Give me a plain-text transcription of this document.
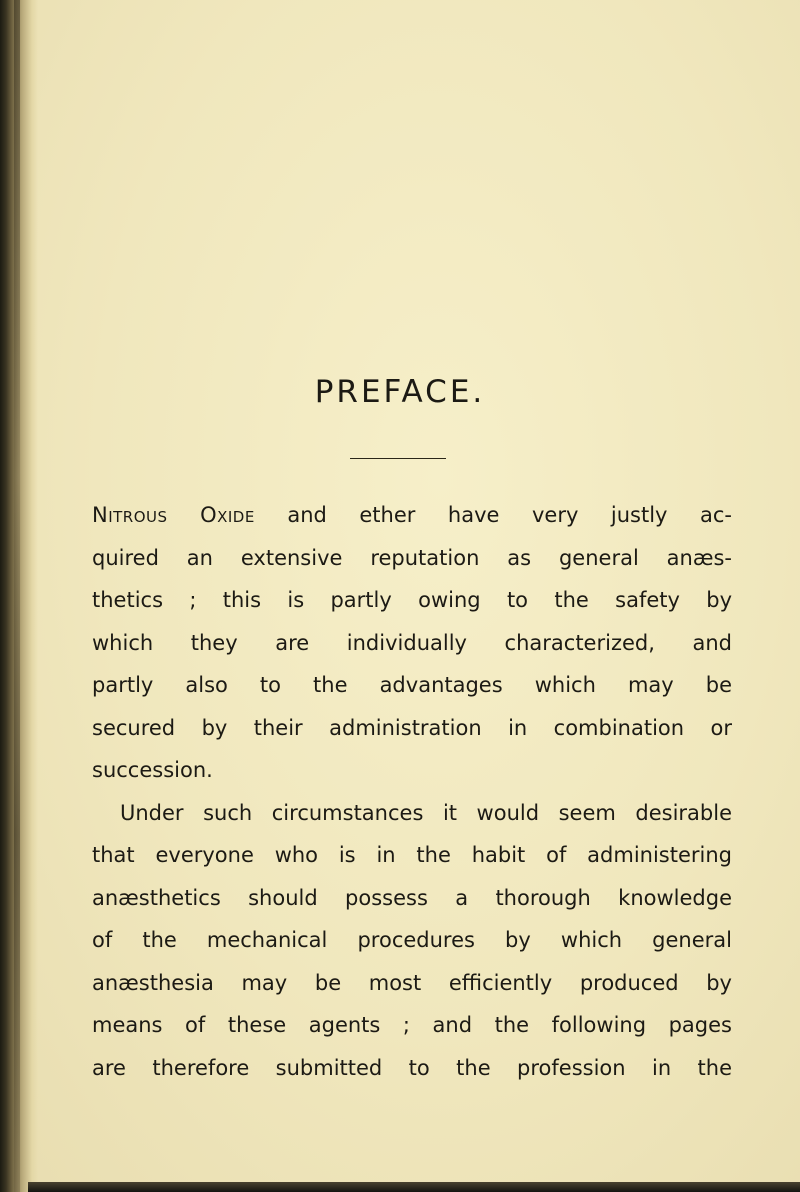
PREFACE.
Nitrous Oxide and ether have very justly ac-
quired an extensive reputation as general anæs-
thetics ; this is partly owing to the safety by
which they are individually characterized, and
partly also to the advantages which may be
secured by their administration in combination or
succession.
Under such circumstances it would seem desirable
that everyone who is in the habit of administering
anæsthetics should possess a thorough knowledge
of the mechanical procedures by which general
anæsthesia may be most efficiently produced by
means of these agents ; and the following pages
are therefore submitted to the profession in the
